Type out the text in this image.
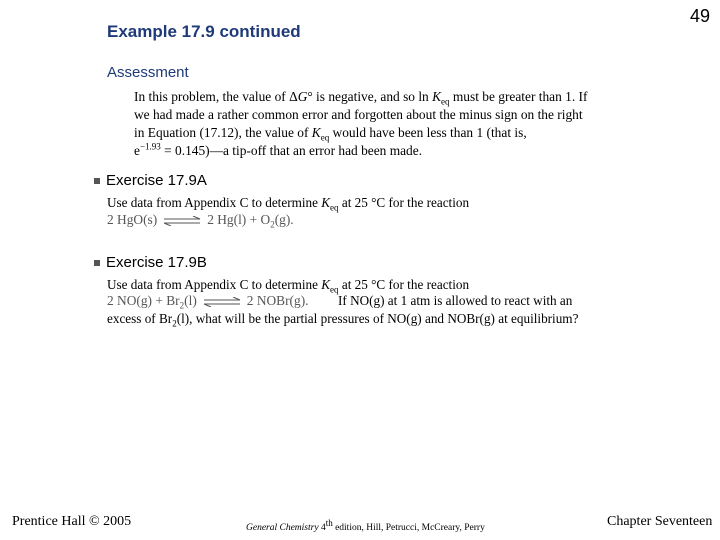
49
Example 17.9 continued
Assessment
In this problem, the value of ΔG° is negative, and so $\ln K_{eq}$ must be greater than 1. If
we had made a rather common error and forgotten about the minus sign on the right
in Equation (17.12), the value of $K_{eq}$ would have been less than 1 (that is,
$e^{-1.93}$ = 0.145)—a tip-off that an error had been made.
Exercise 17.9A
Use data from Appendix C to determine $K_{eq}$ at 25 °C for the reaction
2 HgO(s) ⇌ 2 $Hg(l) + O_2(g)$.
Exercise 17.9B
Use data from Appendix C to determine $K_{eq}$ at 25 °C for the reaction
2 $NO(g) + Br_2(l)$ ⇌ 2 NOBr(g). If NO(g) at 1 atm is allowed to react with an
excess of $Br_2(l)$, what will be the partial pressures of NO(g) and NOBr(g) at equilibrium?
Prentice Hall © 2005	General Chemistry 4th edition, Hill, Petrucci, McCreary, Perry	Chapter Seventeen
